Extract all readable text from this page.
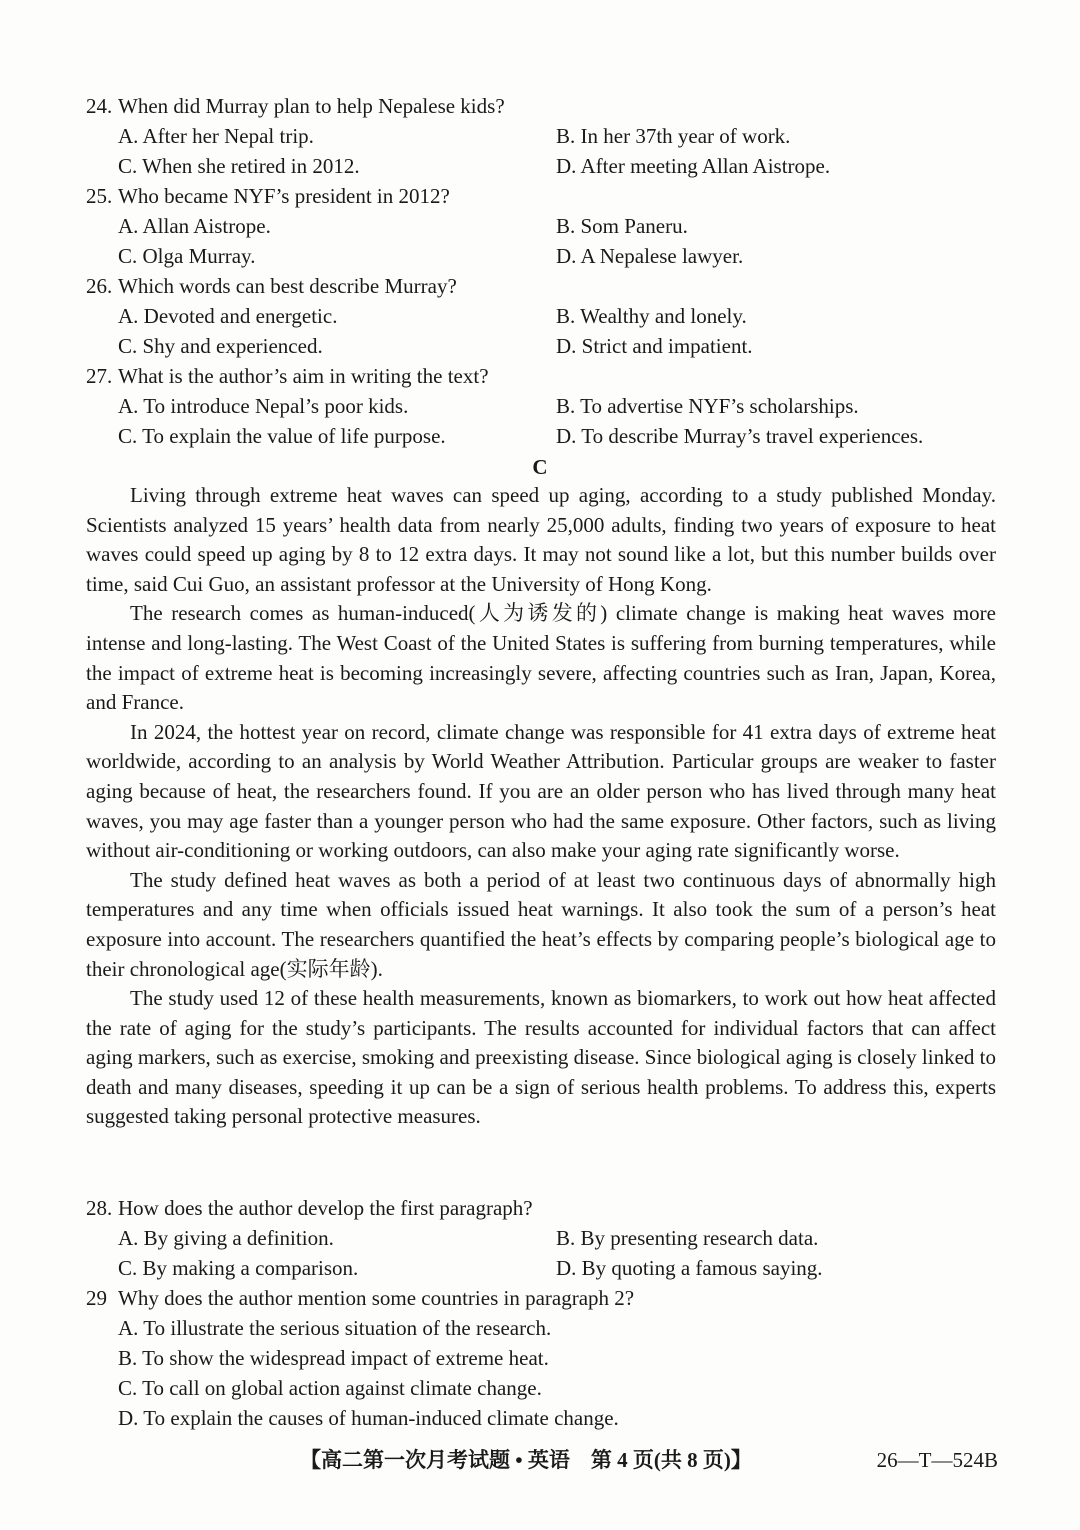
24. When did Murray plan to help Nepalese kids?
A. After her Nepal trip.	B. In her 37th year of work.
C. When she retired in 2012.	D. After meeting Allan Aistrope.
25. Who became NYF’s president in 2012?
A. Allan Aistrope.	B. Som Paneru.
C. Olga Murray.	D. A Nepalese lawyer.
26. Which words can best describe Murray?
A. Devoted and energetic.	B. Wealthy and lonely.
C. Shy and experienced.	D. Strict and impatient.
27. What is the author’s aim in writing the text?
A. To introduce Nepal’s poor kids.	B. To advertise NYF’s scholarships.
C. To explain the value of life purpose.	D. To describe Murray’s travel experiences.
C

Living through extreme heat waves can speed up aging, according to a study published Monday. Scientists analyzed 15 years’ health data from nearly 25,000 adults, finding two years of exposure to heat waves could speed up aging by 8 to 12 extra days. It may not sound like a lot, but this number builds over time, said Cui Guo, an assistant professor at the University of Hong Kong.

The research comes as human-induced(人为诱发的) climate change is making heat waves more intense and long-lasting. The West Coast of the United States is suffering from burning temperatures, while the impact of extreme heat is becoming increasingly severe, affecting countries such as Iran, Japan, Korea, and France.

In 2024, the hottest year on record, climate change was responsible for 41 extra days of extreme heat worldwide, according to an analysis by World Weather Attribution. Particular groups are weaker to faster aging because of heat, the researchers found. If you are an older person who has lived through many heat waves, you may age faster than a younger person who had the same exposure. Other factors, such as living without air-conditioning or working outdoors, can also make your aging rate significantly worse.

The study defined heat waves as both a period of at least two continuous days of abnormally high temperatures and any time when officials issued heat warnings. It also took the sum of a person’s heat exposure into account. The researchers quantified the heat’s effects by comparing people’s biological age to their chronological age(实际年龄).

The study used 12 of these health measurements, known as biomarkers, to work out how heat affected the rate of aging for the study’s participants. The results accounted for individual factors that can affect aging markers, such as exercise, smoking and preexisting disease. Since biological aging is closely linked to death and many diseases, speeding it up can be a sign of serious health problems. To address this, experts suggested taking personal protective measures.

28. How does the author develop the first paragraph?
A. By giving a definition.	B. By presenting research data.
C. By making a comparison.	D. By quoting a famous saying.
29 Why does the author mention some countries in paragraph 2?
A. To illustrate the serious situation of the research.
B. To show the widespread impact of extreme heat.
C. To call on global action against climate change.
D. To explain the causes of human-induced climate change.
【高二第一次月考试题 • 英语　第 4 页(共 8 页)】	26—T—524B
